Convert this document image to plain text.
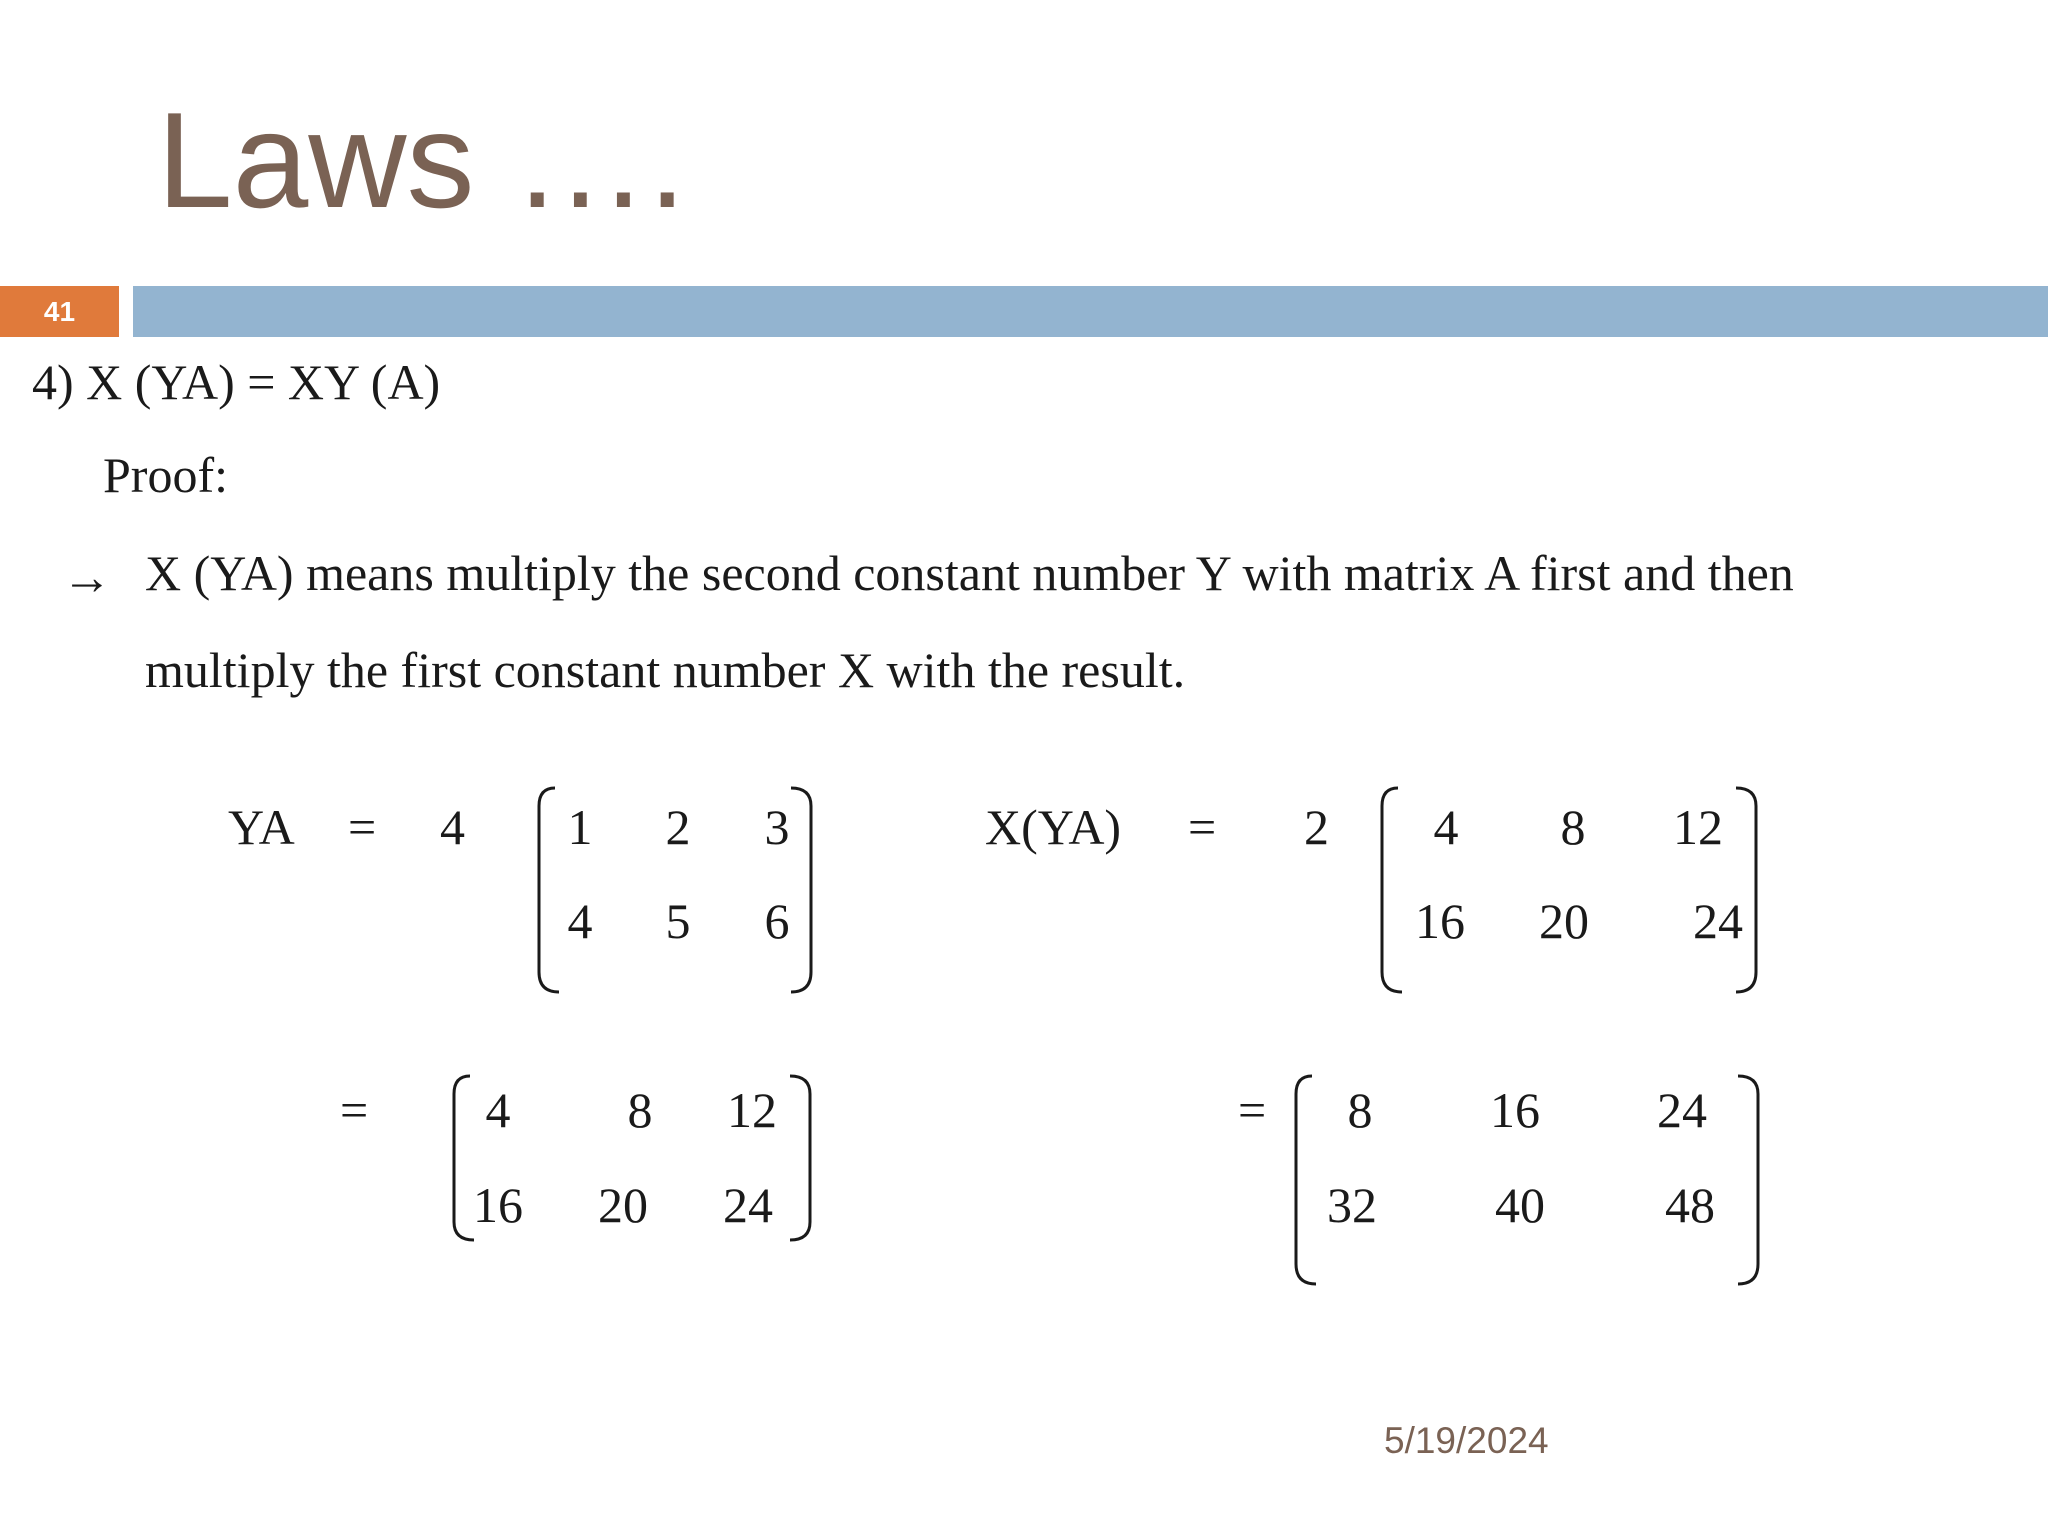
Laws ….
41
4) X (YA) = XY (A)
Proof:
→ X (YA) means multiply the second constant number Y with matrix A first and then
multiply the first constant number X with the result.
YA = 4 1 2 3
4 5 6
= 4 8 12
16 20 24
X(YA) = 2 4 8 12
16 20 24
= 8 16 24
32 40 48
5/19/2024
